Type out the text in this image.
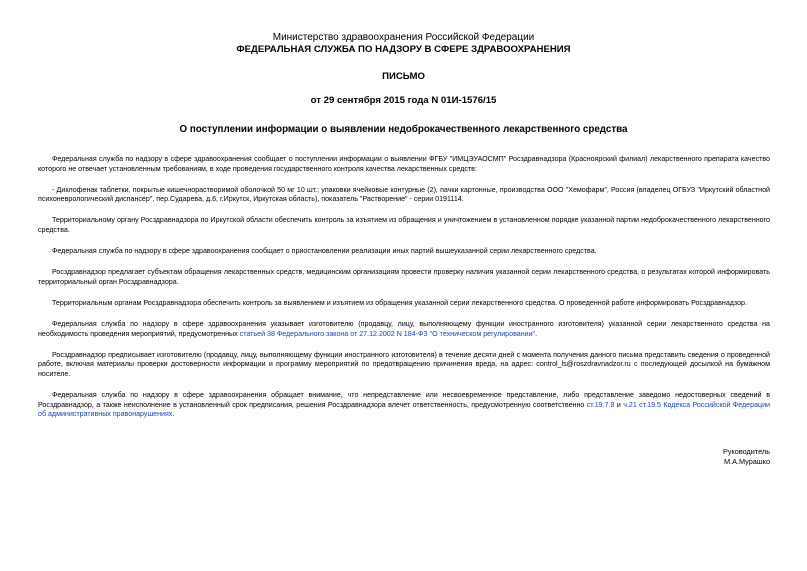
Министерство здравоохранения Российской Федерации
ФЕДЕРАЛЬНАЯ СЛУЖБА ПО НАДЗОРУ В СФЕРЕ ЗДРАВООХРАНЕНИЯ
ПИСЬМО
от 29 сентября 2015 года N 01И-1576/15
О поступлении информации о выявлении недоброкачественного лекарственного средства

Федеральная служба по надзору в сфере здравоохранения сообщает о поступлении информации о выявлении ФГБУ "ИМЦЭУАОСМП" Росздравнадзора (Красноярский филиал) лекарственного препарата качество которого не отвечает установленным требованиям, в ходе проведения государственного контроля качества лекарственных средств:

- Диклофенак таблетки, покрытые кишечнорастворимой оболочкой 50 мг 10 шт.; упаковки ячейковые контурные (2), пачки картонные, производства ООО "Хемофарм", Россия (владелец ОГБУЗ "Иркутский областной психоневрологический диспансер", пер.Сударева, д.6, г.Иркутск, Иркутская область), показатель "Растворение" - серии 0191114.

Территориальному органу Росздравнадзора по Иркутской области обеспечить контроль за изъятием из обращения и уничтожением в установленном порядке указанной партии недоброкачественного лекарственного средства.

Федеральная служба по надзору в сфере здравоохранения сообщает о приостановлении реализации иных партий вышеуказанной серии лекарственного средства.

Росздравнадзор предлагает субъектам обращения лекарственных средств, медицинским организациям провести проверку наличия указанной серии лекарственного средства, о результатах которой информировать территориальный орган Росздравнадзора.

Территориальным органам Росздравнадзора обеспечить контроль за выявлением и изъятием из обращения указанной серии лекарственного средства. О проведенной работе информировать Росздравнадзор.

Федеральная служба по надзору в сфере здравоохранения указывает изготовителю (продавцу, лицу, выполняющему функции иностранного изготовителя) указанной серии лекарственного средства на необходимость проведения мероприятий, предусмотренных статьей 38 Федерального закона от 27.12.2002 N 184-ФЗ "О техническом регулировании".

Росздравнадзор предписывает изготовителю (продавцу, лицу, выполняющему функции иностранного изготовителя) в течение десяти дней с момента получения данного письма представить сведения о проведенной работе, включая материалы проверки достоверности информации и программу мероприятий по предотвращению причинения вреда, на адрес: control_ls@roszdravnadzor.ru с последующей досылкой на бумажном носителе.

Федеральная служба по надзору в сфере здравоохранения обращает внимание, что непредставление или несвоевременное представление, либо представление заведомо недостоверных сведений в Росздравнадзор, а также неисполнение в установленный срок предписания, решения Росздравнадзора влечет ответственность, предусмотренную соответственно ст.19.7.8 и ч.21 ст.19.5 Кодекса Российской Федерации об административных правонарушениях.

Руководитель
М.А.Мурашко
